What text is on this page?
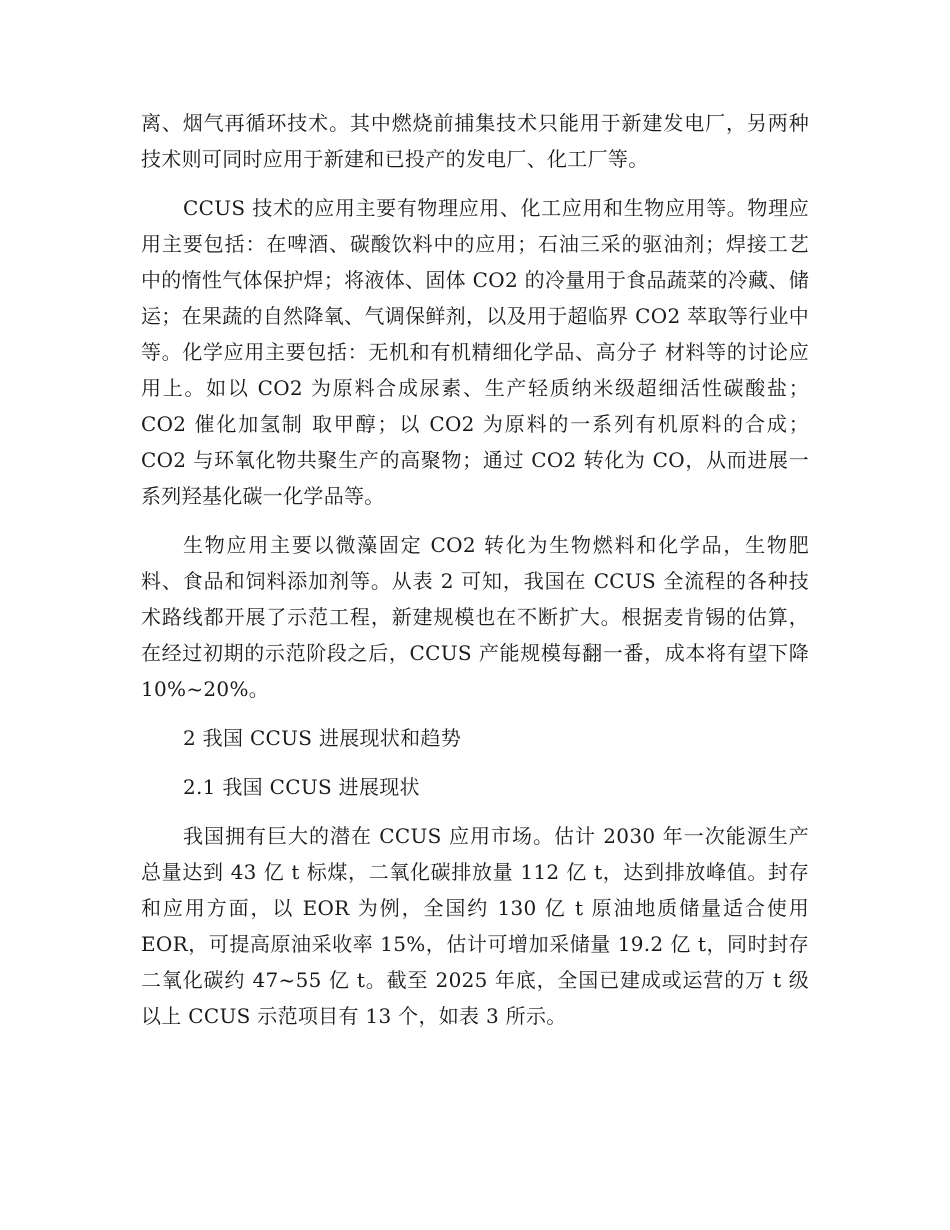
离、烟气再循环技术。其中燃烧前捕集技术只能用于新建发电厂，另两种技术则可同时应用于新建和已投产的发电厂、化工厂等。

CCUS 技术的应用主要有物理应用、化工应用和生物应用等。物理应用主要包括：在啤酒、碳酸饮料中的应用；石油三采的驱油剂；焊接工艺中的惰性气体保护焊；将液体、固体 CO2 的冷量用于食品蔬菜的冷藏、储运；在果蔬的自然降氧、气调保鲜剂，以及用于超临界 CO2 萃取等行业中等。化学应用主要包括：无机和有机精细化学品、高分子 材料等的讨论应用上。如以 CO2 为原料合成尿素、生产轻质纳米级超细活性碳酸盐；CO2 催化加氢制 取甲醇；以 CO2 为原料的一系列有机原料的合成；CO2 与环氧化物共聚生产的高聚物；通过 CO2 转化为 CO，从而进展一系列羟基化碳一化学品等。

生物应用主要以微藻固定 CO2 转化为生物燃料和化学品，生物肥料、食品和饲料添加剂等。从表 2 可知，我国在 CCUS 全流程的各种技术路线都开展了示范工程，新建规模也在不断扩大。根据麦肯锡的估算，在经过初期的示范阶段之后，CCUS 产能规模每翻一番，成本将有望下降 10%~20%。

2 我国 CCUS 进展现状和趋势

2.1 我国 CCUS 进展现状

我国拥有巨大的潜在 CCUS 应用市场。估计 2030 年一次能源生产总量达到 43 亿 t 标煤，二氧化碳排放量 112 亿 t，达到排放峰值。封存和应用方面，以 EOR 为例，全国约 130 亿 t 原油地质储量适合使用 EOR，可提高原油采收率 15%，估计可增加采储量 19.2 亿 t，同时封存二氧化碳约 47~55 亿 t。截至 2025 年底，全国已建成或运营的万 t 级以上 CCUS 示范项目有 13 个，如表 3 所示。
